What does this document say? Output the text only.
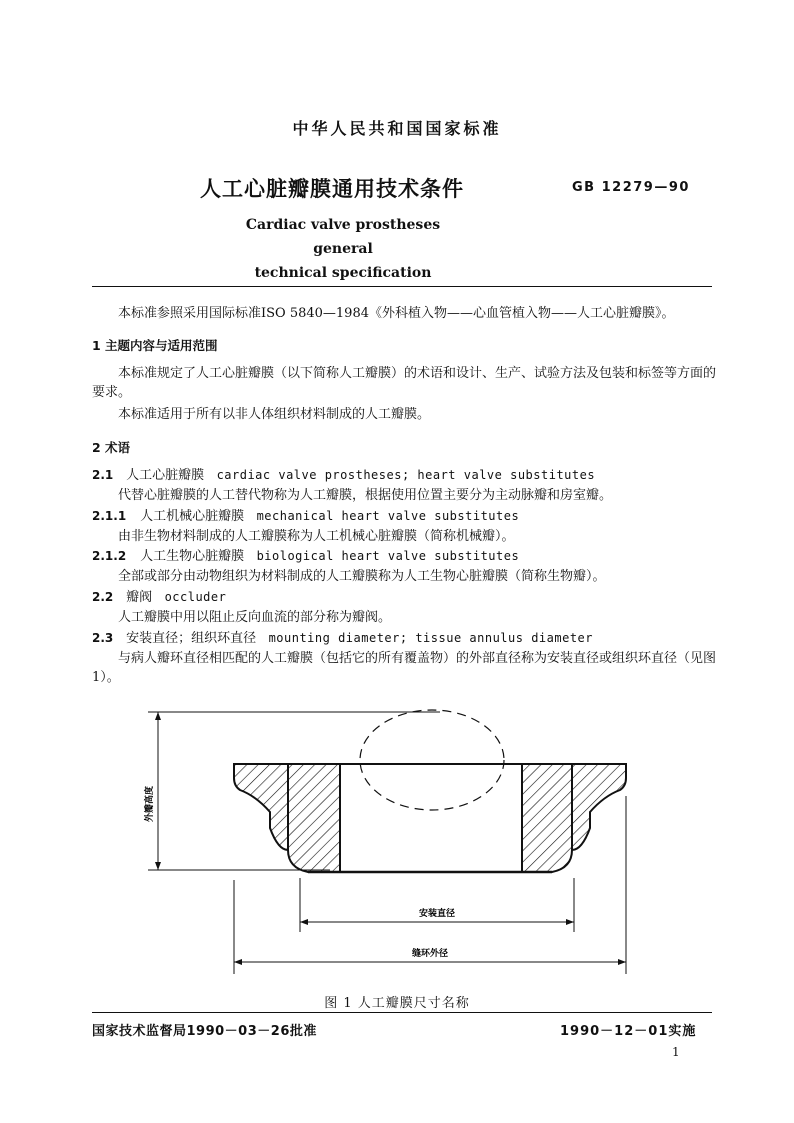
中华人民共和国国家标准
人工心脏瓣膜通用技术条件	GB 12279—90
Cardiac valve prostheses general
technical specification
本标准参照采用国际标准ISO 5840—1984《外科植入物——心血管植入物——人工心脏瓣膜》。
1 主题内容与适用范围
本标准规定了人工心脏瓣膜（以下简称人工瓣膜）的术语和设计、生产、试验方法及包装和标签等方面的要求。
本标准适用于所有以非人体组织材料制成的人工瓣膜。
2 术语
2.1 人工心脏瓣膜 cardiac valve prostheses; heart valve substitutes
代替心脏瓣膜的人工替代物称为人工瓣膜，根据使用位置主要分为主动脉瓣和房室瓣。
2.1.1 人工机械心脏瓣膜 mechanical heart valve substitutes
由非生物材料制成的人工瓣膜称为人工机械心脏瓣膜（简称机械瓣）。
2.1.2 人工生物心脏瓣膜 biological heart valve substitutes
全部或部分由动物组织为材料制成的人工瓣膜称为人工生物心脏瓣膜（简称生物瓣）。
2.2 瓣阀 occluder
人工瓣膜中用以阻止反向血流的部分称为瓣阀。
2.3 安装直径；组织环直径 mounting diameter; tissue annulus diameter
与病人瓣环直径相匹配的人工瓣膜（包括它的所有覆盖物）的外部直径称为安装直径或组织环直径（见图1）。
外瓣高度
安装直径
缝环外径
图 1 人工瓣膜尺寸名称
国家技术监督局1990－03－26批准	1990－12－01实施
1
